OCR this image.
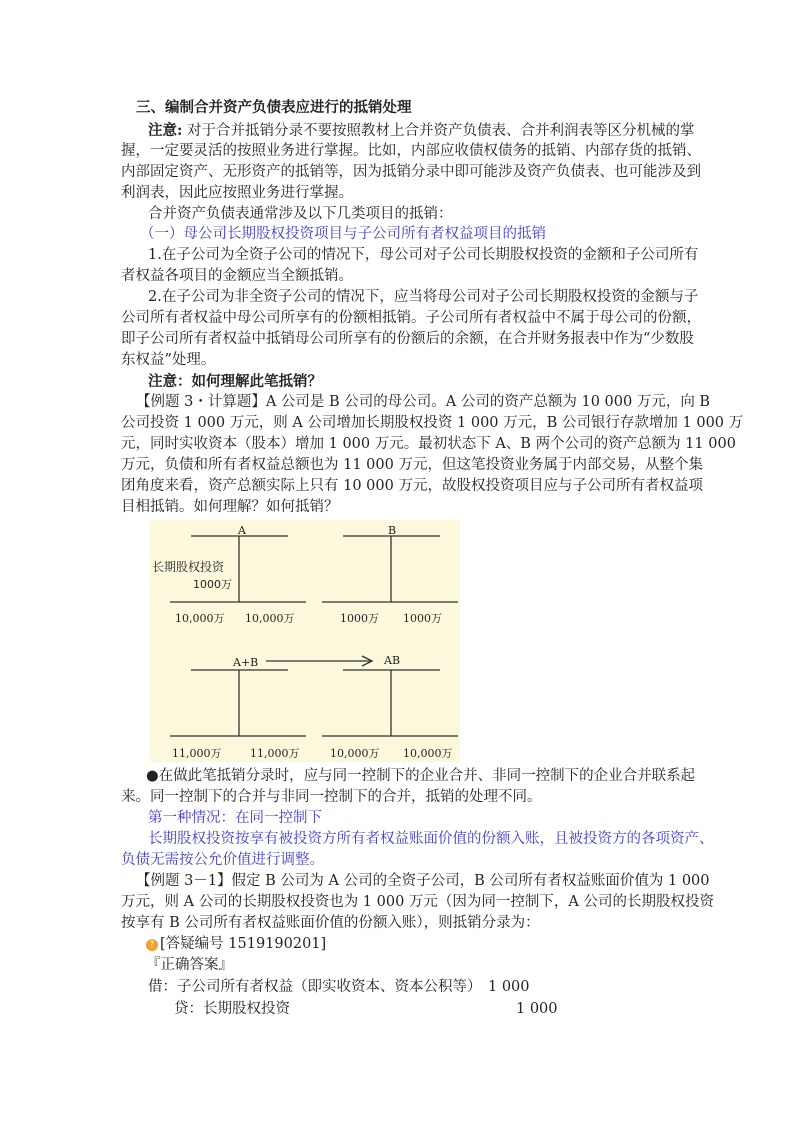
三、编制合并资产负债表应进行的抵销处理
注意: 对于合并抵销分录不要按照教材上合并资产负债表、合并利润表等区分机械的掌
握，一定要灵活的按照业务进行掌握。比如，内部应收债权债务的抵销、内部存货的抵销、
内部固定资产、无形资产的抵销等，因为抵销分录中即可能涉及资产负债表、也可能涉及到
利润表，因此应按照业务进行掌握。
合并资产负债表通常涉及以下几类项目的抵销：
（一）母公司长期股权投资项目与子公司所有者权益项目的抵销
1.在子公司为全资子公司的情况下，母公司对子公司长期股权投资的金额和子公司所有
者权益各项目的金额应当全额抵销。
2.在子公司为非全资子公司的情况下，应当将母公司对子公司长期股权投资的金额与子
公司所有者权益中母公司所享有的份额相抵销。子公司所有者权益中不属于母公司的份额，
即子公司所有者权益中抵销母公司所享有的份额后的余额，在合并财务报表中作为“少数股
东权益”处理。
注意：如何理解此笔抵销？
【例题 3・计算题】A 公司是 B 公司的母公司。A 公司的资产总额为 10 000 万元，向 B
公司投资 1 000 万元，则 A 公司增加长期股权投资 1 000 万元，B 公司银行存款增加 1 000 万
元，同时实收资本（股本）增加 1 000 万元。最初状态下 A、B 两个公司的资产总额为 11 000
万元，负债和所有者权益总额也为 11 000 万元，但这笔投资业务属于内部交易，从整个集
团角度来看，资产总额实际上只有 10 000 万元，故股权投资项目应与子公司所有者权益项
目相抵销。如何理解？如何抵销？
A
长期股权投资
1000万
10,000万 10,000万
B
1000万 1000万
A+B
11,000万	11,000万
AB
10,000万 10,000万
●在做此笔抵销分录时，应与同一控制下的企业合并、非同一控制下的企业合并联系起
来。同一控制下的合并与非同一控制下的合并，抵销的处理不同。
第一种情况：在同一控制下
长期股权投资按享有被投资方所有者权益账面价值的份额入账，且被投资方的各项资产、
负债无需按公允价值进行调整。
【例题 3－1】假定 B 公司为 A 公司的全资子公司，B 公司所有者权益账面价值为 1 000
万元，则 A 公司的长期股权投资也为 1 000 万元（因为同一控制下，A 公司的长期股权投资
按享有 B 公司所有者权益账面价值的份额入账），则抵销分录为：
? [答疑编号 1519190201]
『正确答案』
借：子公司所有者权益（即实收资本、资本公积等） 1 000
贷：长期股权投资	1 000
